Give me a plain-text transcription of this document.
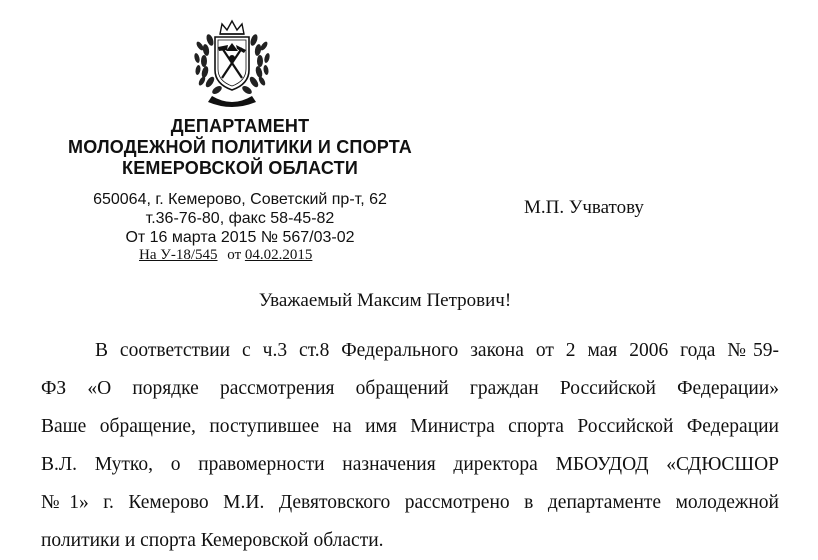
ДЕПАРТАМЕНТ
МОЛОДЕЖНОЙ ПОЛИТИКИ И СПОРТА
КЕМЕРОВСКОЙ ОБЛАСТИ
650064, г. Кемерово, Советский пр-т, 62
т.36-76-80, факс 58-45-82
От 16 марта 2015 № 567/03-02
На У-18/545 от 04.02.2015
М.П. Учватову
Уважаемый Максим Петрович!
В соответствии с ч.3 ст.8 Федерального закона от 2 мая 2006 года №59-
ФЗ «О порядке рассмотрения обращений граждан Российской Федерации»
Ваше обращение, поступившее на имя Министра спорта Российской Федерации
В.Л. Мутко, о правомерности назначения директора МБОУДОД «СДЮСШОР
№1» г. Кемерово М.И. Девятовского рассмотрено в департаменте молодежной
политики и спорта Кемеровской области.
